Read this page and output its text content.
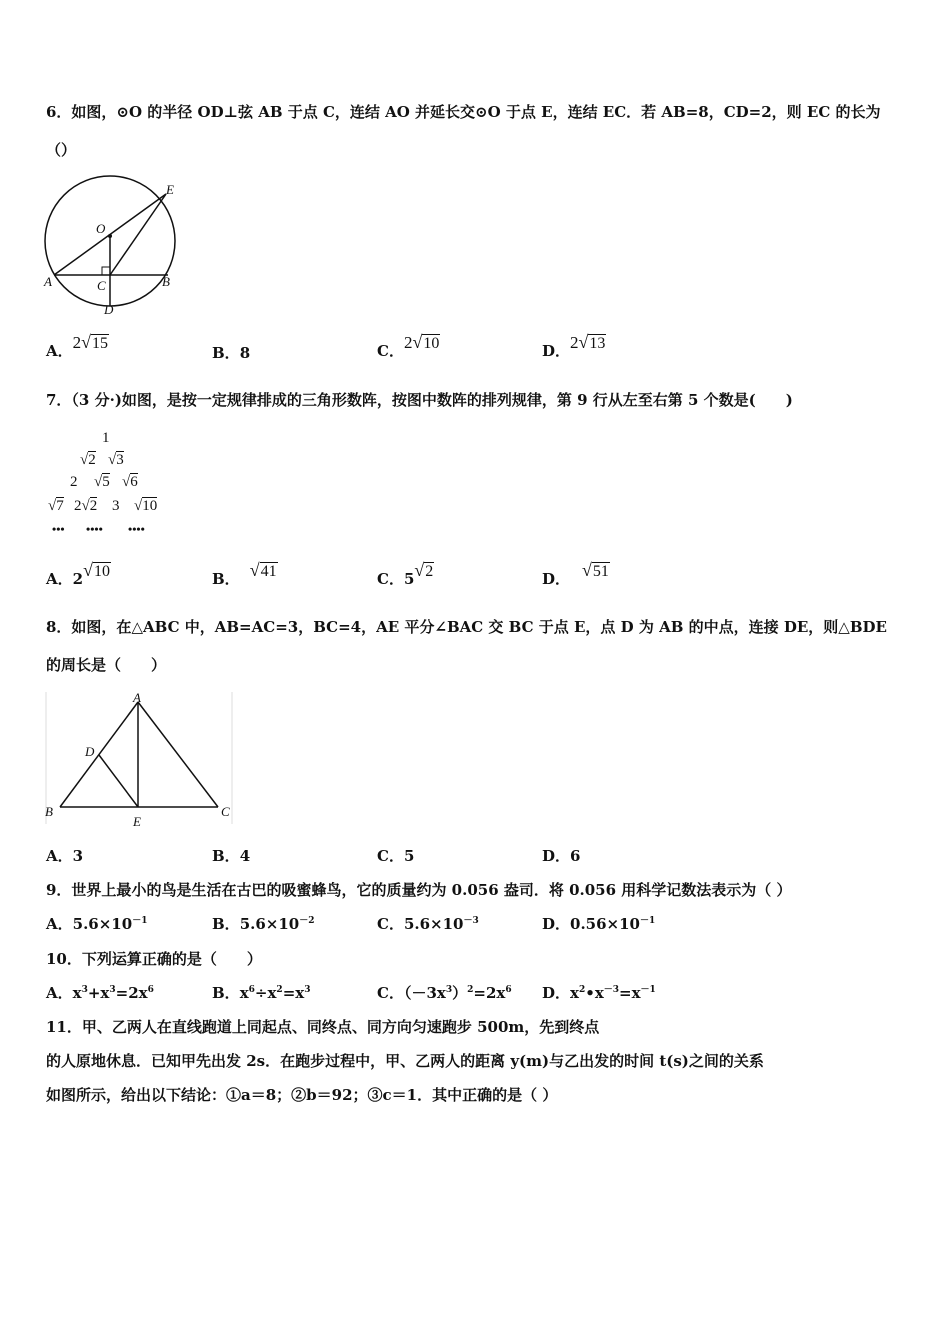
6．如图，⊙O 的半径 OD⊥弦 AB 于点 C，连结 AO 并延长交⊙O 于点 E，连结 EC．若 AB=8，CD=2，则 EC 的长为
（）
O
E
A	C	B
D
A．2√15
B．8	C．2√10	D．2√13
7．（3 分·)如图，是按一定规律排成的三角形数阵，按图中数阵的排列规律，第 9 行从左至右第 5 个数是(　　)
1
√2 √3
2 √5 √6
√7 2√2 3 √10
••• •••• ••••
A．2√10	B． √41	C．5√2	D． √51
8．如图，在△ABC 中，AB=AC=3，BC=4，AE 平分∠BAC 交 BC 于点 E，点 D 为 AB 的中点，连接 DE，则△BDE
的周长是（　　）
A
D
B
E
C
A．3	B．4	C．5	D．6
9．世界上最小的鸟是生活在古巴的吸蜜蜂鸟，它的质量约为 0.056 盎司．将 0.056 用科学记数法表示为（ ）
A．$5.6\times 10^{-1}$	B．$5.6\times 10^{-2}$	C．$5.6\times 10^{-3}$	D．$0.56\times 10^{-1}$
10．下列运算正确的是（　　）
A．$x^3+x^3=2x^6$	B．$x^6\div x^2=x^3$	C．$(-3x^3)^2=2x^6$ D．$x^2•x^{-3}=x^{-1}$
11．甲、乙两人在直线跑道上同起点、同终点、同方向匀速跑步 500m，先到终点
的人原地休息．已知甲先出发 2s．在跑步过程中，甲、乙两人的距离 y(m)与乙出发的时间 t(s)之间的关系
如图所示，给出以下结论：①a＝8；②b＝92；③c＝1．其中正确的是（ ）
